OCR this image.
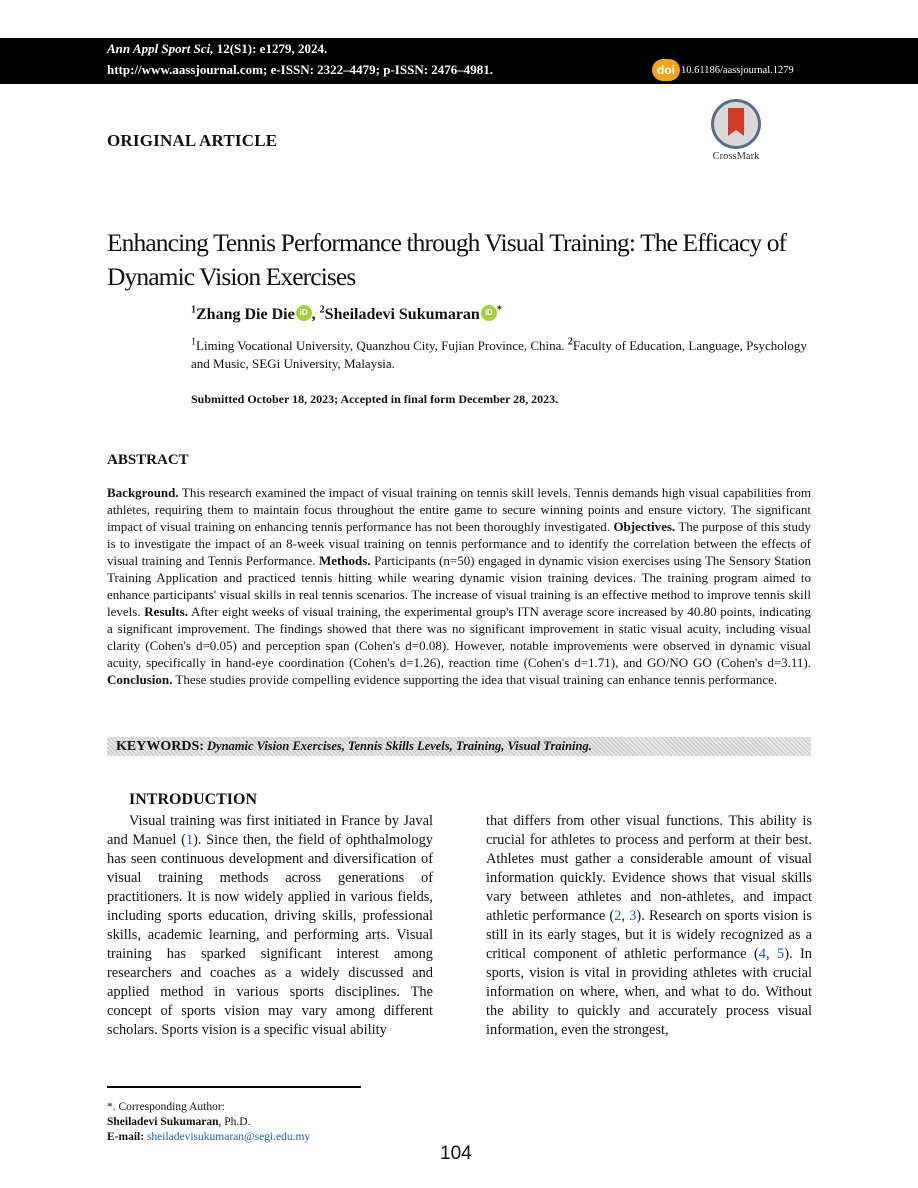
Ann Appl Sport Sci, 12(S1): e1279, 2024.
http://www.aassjournal.com; e-ISSN: 2322–4479; p-ISSN: 2476–4981.	doi 10.61186/aassjournal.1279
ORIGINAL ARTICLE
CrossMark
Enhancing Tennis Performance through Visual Training: The Efficacy of Dynamic Vision Exercises
$^1$Zhang Die Die iD , $^2$Sheiladevi Sukumaran iD *
$^1$Liming Vocational University, Quanzhou City, Fujian Province, China. $^2$Faculty of Education, Language, Psychology and Music, SEGi University, Malaysia.
Submitted October 18, 2023; Accepted in final form December 28, 2023.
ABSTRACT

Background. This research examined the impact of visual training on tennis skill levels. Tennis demands high visual capabilities from athletes, requiring them to maintain focus throughout the entire game to secure winning points and ensure victory. The significant impact of visual training on enhancing tennis performance has not been thoroughly investigated. Objectives. The purpose of this study is to investigate the impact of an 8-week visual training on tennis performance and to identify the correlation between the effects of visual training and Tennis Performance. Methods. Participants (n=50) engaged in dynamic vision exercises using The Sensory Station Training Application and practiced tennis hitting while wearing dynamic vision training devices. The training program aimed to enhance participants' visual skills in real tennis scenarios. The increase of visual training is an effective method to improve tennis skill levels. Results. After eight weeks of visual training, the experimental group's ITN average score increased by 40.80 points, indicating a significant improvement. The findings showed that there was no significant improvement in static visual acuity, including visual clarity (Cohen's d=0.05) and perception span (Cohen's d=0.08). However, notable improvements were observed in dynamic visual acuity, specifically in hand-eye coordination (Cohen's d=1.26), reaction time (Cohen's d=1.71), and GO/NO GO (Cohen's d=3.11). Conclusion. These studies provide compelling evidence supporting the idea that visual training can enhance tennis performance.

KEYWORDS: Dynamic Vision Exercises, Tennis Skills Levels, Training, Visual Training.
INTRODUCTION

Visual training was first initiated in France by Javal and Manuel (1). Since then, the field of ophthalmology has seen continuous development and diversification of visual training methods across generations of practitioners. It is now widely applied in various fields, including sports education, driving skills, professional skills, academic learning, and performing arts. Visual training has sparked significant interest among researchers and coaches as a widely discussed and applied method in various sports disciplines. The concept of sports vision may vary among different scholars. Sports vision is a specific visual ability

that differs from other visual functions. This ability is crucial for athletes to process and perform at their best. Athletes must gather a considerable amount of visual information quickly. Evidence shows that visual skills vary between athletes and non-athletes, and impact athletic performance (2, 3). Research on sports vision is still in its early stages, but it is widely recognized as a critical component of athletic performance (4, 5). In sports, vision is vital in providing athletes with crucial information on where, when, and what to do. Without the ability to quickly and accurately process visual information, even the strongest,

*. Corresponding Author:
Sheiladevi Sukumaran, Ph.D.
E-mail: sheiladevisukumaran@segi.edu.my
104
